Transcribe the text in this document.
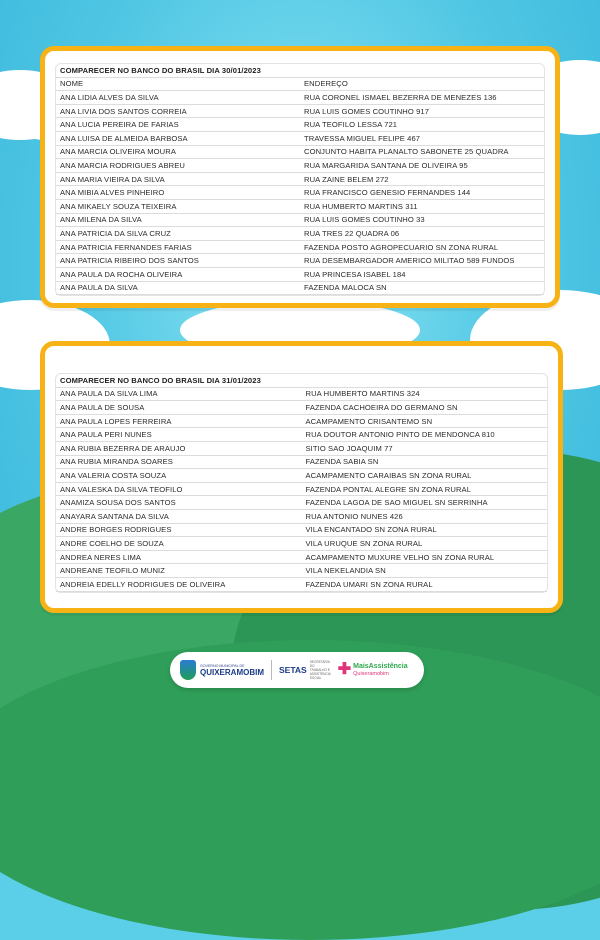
COMPARECER NO BANCO DO BRASIL DIA 30/01/2023	
NOME	ENDEREÇO
ANA LIDIA ALVES DA SILVA	RUA CORONEL ISMAEL BEZERRA DE MENEZES 136
ANA LIVIA DOS SANTOS CORREIA	RUA LUIS GOMES COUTINHO 917
ANA LUCIA PEREIRA DE FARIAS	RUA TEOFILO LESSA 721
ANA LUISA DE ALMEIDA BARBOSA	TRAVESSA MIGUEL FELIPE 467
ANA MARCIA OLIVEIRA MOURA	CONJUNTO HABITA PLANALTO SABONETE 25 QUADRA
ANA MARCIA RODRIGUES ABREU	RUA MARGARIDA SANTANA DE OLIVEIRA 95
ANA MARIA VIEIRA DA SILVA	RUA ZAINE BELEM 272
ANA MIBIA ALVES PINHEIRO	RUA FRANCISCO GENESIO FERNANDES 144
ANA MIKAELY SOUZA TEIXEIRA	RUA HUMBERTO MARTINS 311
ANA MILENA DA SILVA	RUA LUIS GOMES COUTINHO 33
ANA PATRICIA DA SILVA CRUZ	RUA TRES 22 QUADRA 06
ANA PATRICIA FERNANDES FARIAS	FAZENDA POSTO AGROPECUARIO SN ZONA RURAL
ANA PATRICIA RIBEIRO DOS SANTOS	RUA DESEMBARGADOR AMERICO MILITAO 589 FUNDOS
ANA PAULA DA ROCHA OLIVEIRA	RUA PRINCESA ISABEL 184
ANA PAULA DA SILVA	FAZENDA MALOCA SN
COMPARECER NO BANCO DO BRASIL DIA 31/01/2023	
ANA PAULA DA SILVA LIMA	RUA HUMBERTO MARTINS 324
ANA PAULA DE SOUSA	FAZENDA CACHOEIRA DO GERMANO SN
ANA PAULA LOPES FERREIRA	ACAMPAMENTO CRISANTEMO SN
ANA PAULA PERI NUNES	RUA DOUTOR ANTONIO PINTO DE MENDONCA 810
ANA RUBIA BEZERRA DE ARAUJO	SITIO SAO JOAQUIM 77
ANA RUBIA MIRANDA SOARES	FAZENDA SABIA SN
ANA VALERIA COSTA SOUZA	ACAMPAMENTO CARAIBAS SN ZONA RURAL
ANA VALESKA DA SILVA TEOFILO	FAZENDA PONTAL ALEGRE SN ZONA RURAL
ANAMIZA SOUSA DOS SANTOS	FAZENDA LAGOA DE SAO MIGUEL SN SERRINHA
ANAYARA SANTANA DA SILVA	RUA ANTONIO NUNES 426
ANDRE BORGES RODRIGUES	VILA ENCANTADO SN ZONA RURAL
ANDRE COELHO DE SOUZA	VILA URUQUE SN ZONA RURAL
ANDREA NERES LIMA	ACAMPAMENTO MUXURE VELHO SN ZONA RURAL
ANDREANE TEOFILO MUNIZ	VILA NEKELANDIA SN
ANDREIA EDELLY RODRIGUES DE OLIVEIRA	FAZENDA UMARI SN ZONA RURAL
GOVERNO MUNICIPAL DE
QUIXERAMOBIM SETAS
SECRETARIA DO TRABALHO E ASSISTÊNCIA SOCIAL	✚ MaisAssistência
Quixeramobim
